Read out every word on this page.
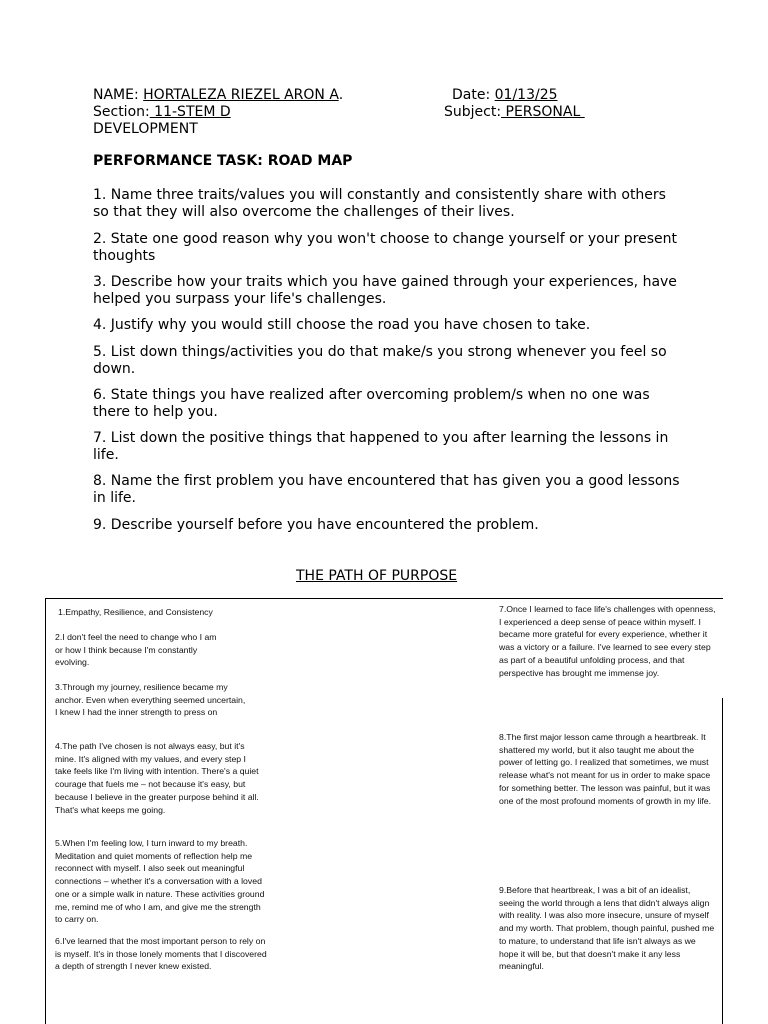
NAME: HORTALEZA RIEZEL ARON A.	Date: 01/13/25
Section: 11-STEM D	Subject: PERSONAL
DEVELOPMENT
PERFORMANCE TASK: ROAD MAP
1. Name three traits/values you will constantly and consistently share with others so that they will also overcome the challenges of their lives.
2. State one good reason why you won't choose to change yourself or your present thoughts
3. Describe how your traits which you have gained through your experiences, have helped you surpass your life's challenges.
4. Justify why you would still choose the road you have chosen to take.
5. List down things/activities you do that make/s you strong whenever you feel so down.
6. State things you have realized after overcoming problem/s when no one was there to help you.
7. List down the positive things that happened to you after learning the lessons in life.
8. Name the first problem you have encountered that has given you a good lessons in life.
9. Describe yourself before you have encountered the problem.
THE PATH OF PURPOSE
1.Empathy, Resilience, and Consistency
2.I don't feel the need to change who I am or how I think because I'm constantly evolving.
3.Through my journey, resilience became my anchor. Even when everything seemed uncertain, I knew I had the inner strength to press on
4.The path I've chosen is not always easy, but it's mine. It's aligned with my values, and every step I take feels like I'm living with intention. There's a quiet courage that fuels me – not because it's easy, but because I believe in the greater purpose behind it all. That's what keeps me going.
5.When I'm feeling low, I turn inward to my breath. Meditation and quiet moments of reflection help me reconnect with myself. I also seek out meaningful connections – whether it's a conversation with a loved one or a simple walk in nature. These activities ground me, remind me of who I am, and give me the strength to carry on.
6.I've learned that the most important person to rely on is myself. It's in those lonely moments that I discovered a depth of strength I never knew existed.
7.Once I learned to face life's challenges with openness, I experienced a deep sense of peace within myself. I became more grateful for every experience, whether it was a victory or a failure. I've learned to see every step as part of a beautiful unfolding process, and that perspective has brought me immense joy.
8.The first major lesson came through a heartbreak. It shattered my world, but it also taught me about the power of letting go. I realized that sometimes, we must release what's not meant for us in order to make space for something better. The lesson was painful, but it was one of the most profound moments of growth in my life.
9.Before that heartbreak, I was a bit of an idealist, seeing the world through a lens that didn't always align with reality. I was also more insecure, unsure of myself and my worth. That problem, though painful, pushed me to mature, to understand that life isn't always as we hope it will be, but that doesn't make it any less meaningful.
